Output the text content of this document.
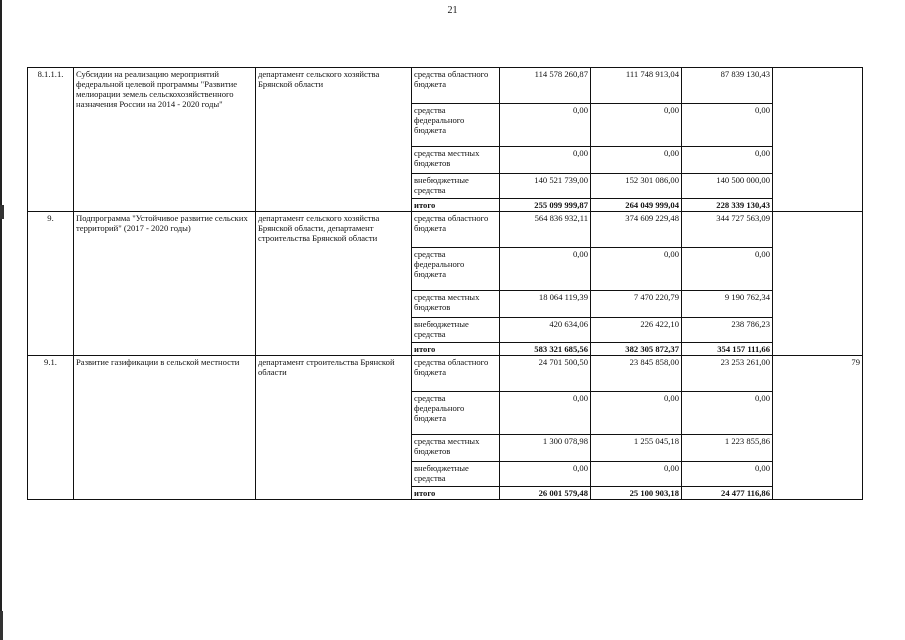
21
8.1.1.1.	Субсидии на реализацию мероприятий федеральной целевой программы "Развитие мелиорации земель сельскохозяйственного назначения России на 2014 - 2020 годы"	департамент сельского хозяйства Брянской области	средства областного бюджета	114 578 260,87	111 748 913,04	87 839 130,43	
			средства федерального бюджета	0,00	0,00	0,00	
			средства местных бюджетов	0,00	0,00	0,00	
			внебюджетные средства	140 521 739,00	152 301 086,00	140 500 000,00	
			итого	255 099 999,87	264 049 999,04	228 339 130,43	
9.	Подпрограмма "Устойчивое развитие сельских территорий" (2017 - 2020 годы)	департамент сельского хозяйства Брянской области, департамент строительства Брянской области	средства областного бюджета	564 836 932,11	374 609 229,48	344 727 563,09	
			средства федерального бюджета	0,00	0,00	0,00	
			средства местных бюджетов	18 064 119,39	7 470 220,79	9 190 762,34	
			внебюджетные средства	420 634,06	226 422,10	238 786,23	
			итого	583 321 685,56	382 305 872,37	354 157 111,66	
9.1.	Развитие газификации в сельской местности	департамент строительства Брянской области	средства областного бюджета	24 701 500,50	23 845 858,00	23 253 261,00	79
			средства федерального бюджета	0,00	0,00	0,00	
			средства местных бюджетов	1 300 078,98	1 255 045,18	1 223 855,86	
			внебюджетные средства	0,00	0,00	0,00	
			итого	26 001 579,48	25 100 903,18	24 477 116,86	
